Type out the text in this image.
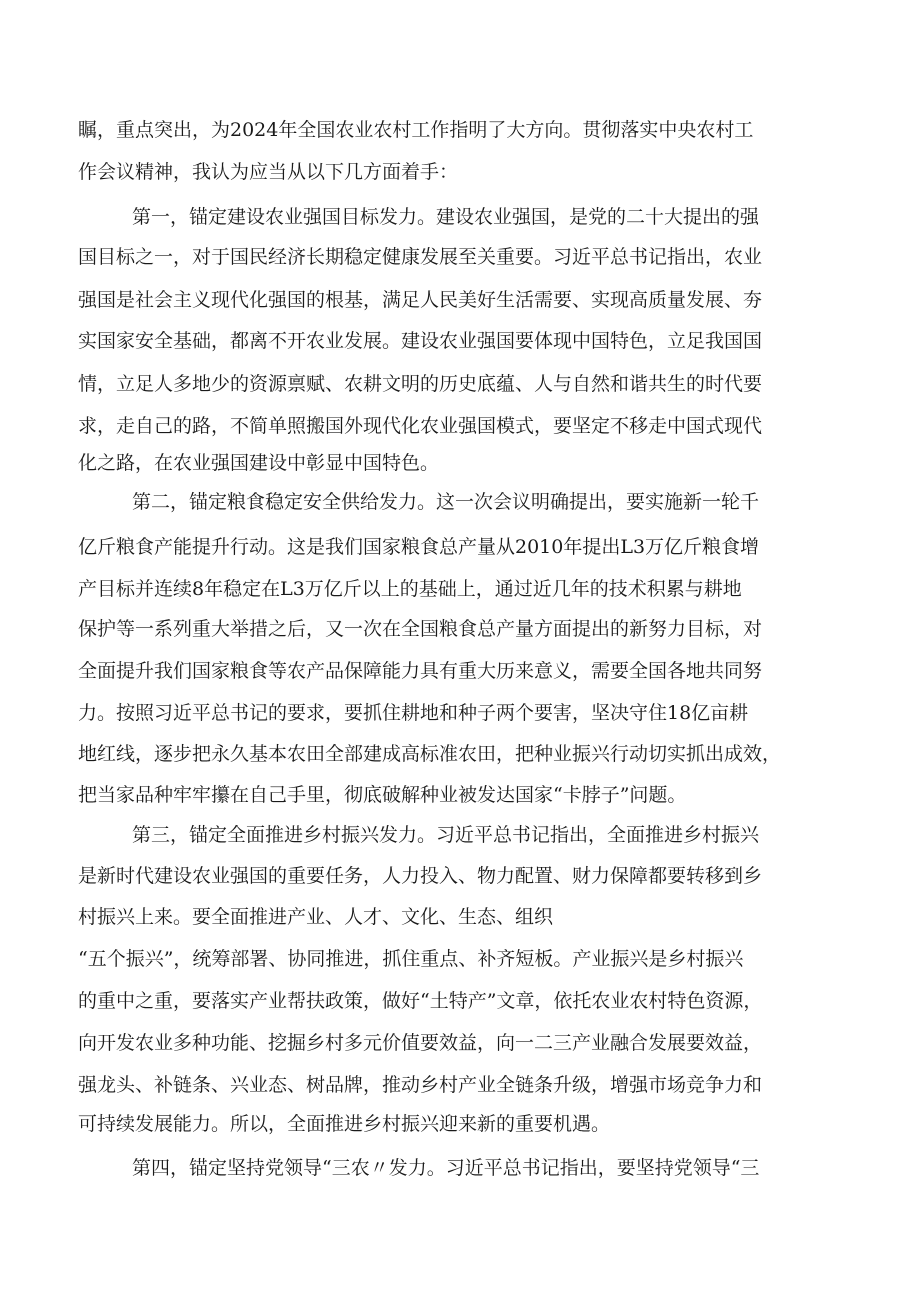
瞩，重点突出，为2024年全国农业农村工作指明了大方向。贯彻落实中央农村工
作会议精神，我认为应当从以下几方面着手：
第一，锚定建设农业强国目标发力。建设农业强国，是党的二十大提出的强
国目标之一，对于国民经济长期稳定健康发展至关重要。习近平总书记指出，农业
强国是社会主义现代化强国的根基，满足人民美好生活需要、实现高质量发展、夯
实国家安全基础，都离不开农业发展。建设农业强国要体现中国特色，立足我国国
情，立足人多地少的资源禀赋、农耕文明的历史底蕴、人与自然和谐共生的时代要
求，走自己的路，不简单照搬国外现代化农业强国模式，要坚定不移走中国式现代
化之路，在农业强国建设中彰显中国特色。
第二，锚定粮食稳定安全供给发力。这一次会议明确提出，要实施新一轮千
亿斤粮食产能提升行动。这是我们国家粮食总产量从2010年提出L3万亿斤粮食增
产目标并连续8年稳定在L3万亿斤以上的基础上，通过近几年的技术积累与耕地
保护等一系列重大举措之后，又一次在全国粮食总产量方面提出的新努力目标，对
全面提升我们国家粮食等农产品保障能力具有重大历来意义，需要全国各地共同努
力。按照习近平总书记的要求，要抓住耕地和种子两个要害，坚决守住18亿亩耕
地红线，逐步把永久基本农田全部建成高标准农田，把种业振兴行动切实抓出成效，
把当家品种牢牢攥在自己手里，彻底破解种业被发达国家“卡脖子”问题。
第三，锚定全面推进乡村振兴发力。习近平总书记指出，全面推进乡村振兴
是新时代建设农业强国的重要任务，人力投入、物力配置、财力保障都要转移到乡
村振兴上来。要全面推进产业、人才、文化、生态、组织
“五个振兴”，统筹部署、协同推进，抓住重点、补齐短板。产业振兴是乡村振兴
的重中之重，要落实产业帮扶政策，做好“土特产”文章，依托农业农村特色资源，
向开发农业多种功能、挖掘乡村多元价值要效益，向一二三产业融合发展要效益，
强龙头、补链条、兴业态、树品牌，推动乡村产业全链条升级，增强市场竞争力和
可持续发展能力。所以，全面推进乡村振兴迎来新的重要机遇。
第四，锚定坚持党领导“三农〃发力。习近平总书记指出，要坚持党领导“三
